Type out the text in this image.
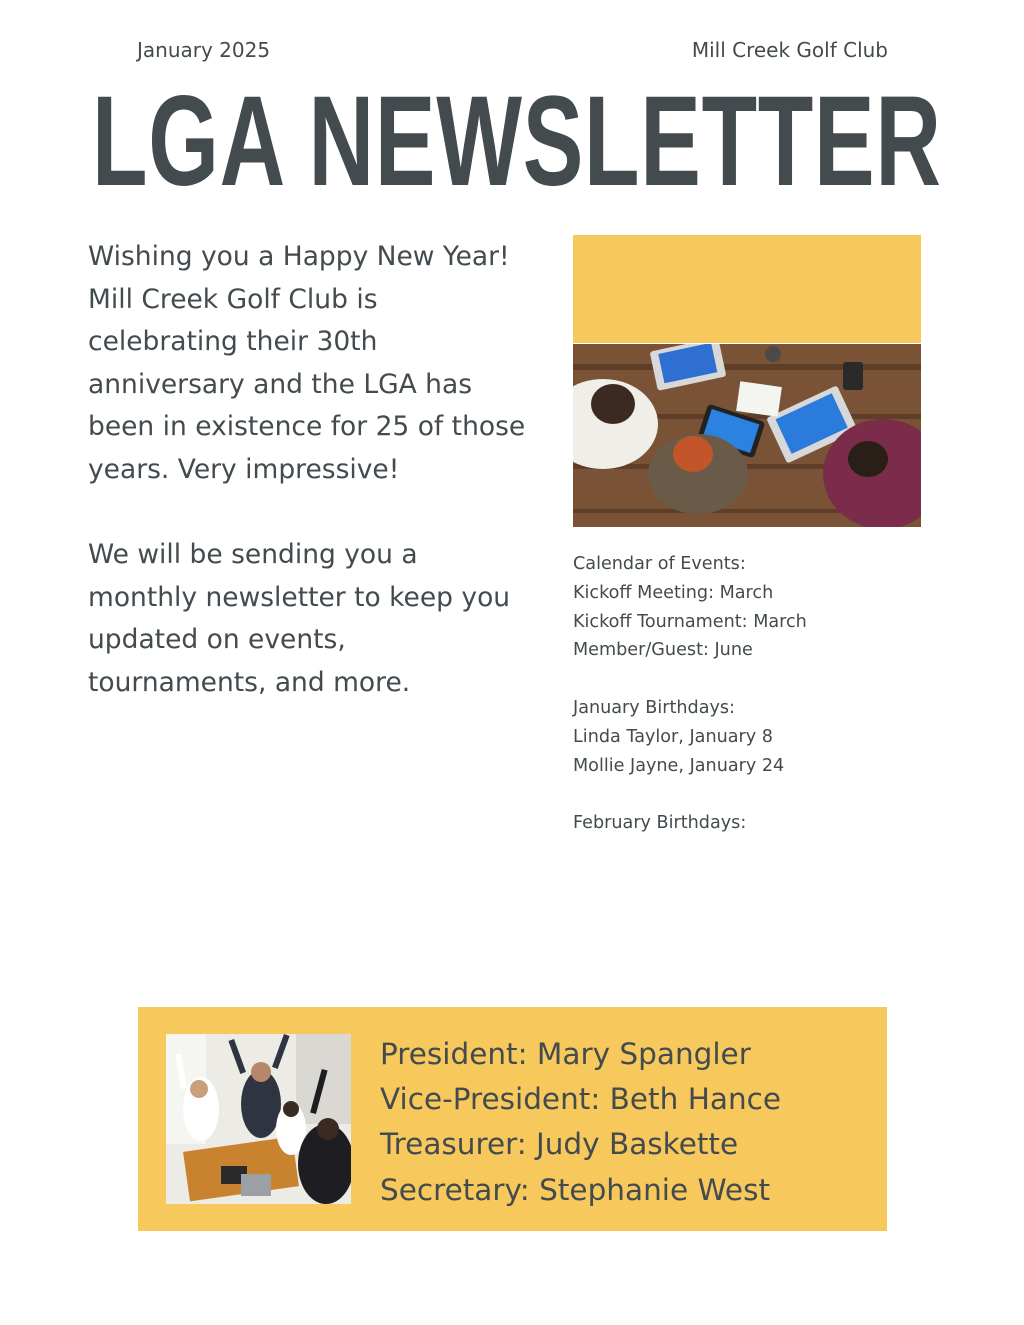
January 2025	Mill Creek Golf Club
LGA NEWSLETTER

Wishing you a Happy New Year! Mill Creek Golf Club is celebrating their 30th anniversary and the LGA has been in existence for 25 of those years. Very impressive!

We will be sending you a monthly newsletter to keep you updated on events, tournaments, and more.

Calendar of Events:
Kickoff Meeting: March
Kickoff Tournament: March
Member/Guest: June
January Birthdays:
Linda Taylor, January 8
Mollie Jayne, January 24
February Birthdays:
President: Mary Spangler
Vice-President: Beth Hance
Treasurer: Judy Baskette
Secretary: Stephanie West
